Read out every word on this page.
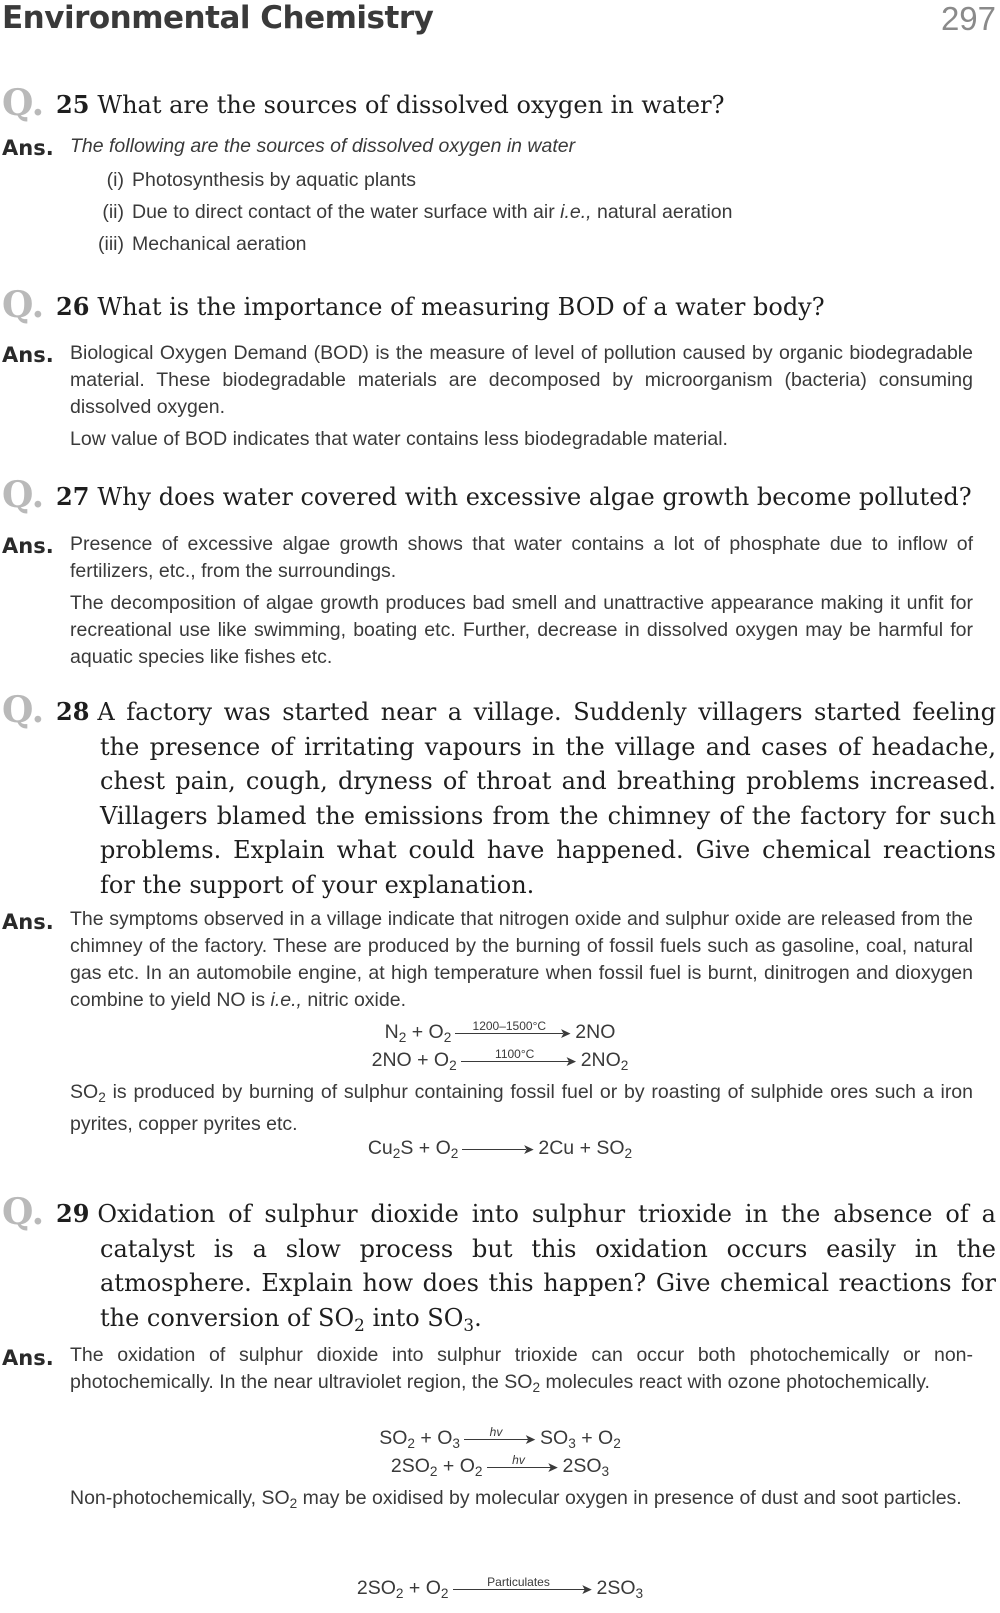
Environmental Chemistry	297
Q. 25 What are the sources of dissolved oxygen in water?
Ans. The following are the sources of dissolved oxygen in water

(i) Photosynthesis by aquatic plants
(ii) Due to direct contact of the water surface with air i.e., natural aeration
(iii) Mechanical aeration
Q. 26 What is the importance of measuring BOD of a water body?
Ans. Biological Oxygen Demand (BOD) is the measure of level of pollution caused by organic biodegradable material. These biodegradable materials are decomposed by microorganism (bacteria) consuming dissolved oxygen.

Low value of BOD indicates that water contains less biodegradable material.

Q. 27 Why does water covered with excessive algae growth become polluted?
Ans. Presence of excessive algae growth shows that water contains a lot of phosphate due to inflow of fertilizers, etc., from the surroundings.

The decomposition of algae growth produces bad smell and unattractive appearance making it unfit for recreational use like swimming, boating etc. Further, decrease in dissolved oxygen may be harmful for aquatic species like fishes etc.

Q. 28 A factory was started near a village. Suddenly villagers started feeling
the presence of irritating vapours in the village and cases of headache, chest pain, cough, dryness of throat and breathing problems increased. Villagers blamed the emissions from the chimney of the factory for such problems. Explain what could have happened. Give chemical reactions for the support of your explanation.
Ans. The symptoms observed in a village indicate that nitrogen oxide and sulphur oxide are released from the chimney of the factory. These are produced by the burning of fossil fuels such as gasoline, coal, natural gas etc. In an automobile engine, at high temperature when fossil fuel is burnt, dinitrogen and dioxygen combine to yield NO is i.e., nitric oxide.

$N_2 + O_2$
1200–1500°C ➤ 2NO
$2NO + O_2$
1100°C	➤ $2NO_2$

$SO_2$ is produced by burning of sulphur containing fossil fuel or by roasting of sulphide ores such a iron pyrites, copper pyrites etc.

$Cu_2S + O_2$	➤ $2Cu + SO_2$
Q. 29 Oxidation of sulphur dioxide into sulphur trioxide in the absence of a
catalyst is a slow process but this oxidation occurs easily in the atmosphere. Explain how does this happen? Give chemical reactions for the conversion of $SO_2$ into $SO_3$.
Ans. The oxidation of sulphur dioxide into sulphur trioxide can occur both photochemically or non-photochemically. In the near ultraviolet region, the $SO_2$ molecules react with ozone photochemically.

$SO_2 + O_3$
hv	➤ $SO_3 + O_2$
$2SO_2 + O_2$
hv	➤ $2SO_3$

Non-photochemically, $SO_2$ may be oxidised by molecular oxygen in presence of dust and soot particles.

$2SO_2 + O_2$
Particulates	➤ $2SO_3$
